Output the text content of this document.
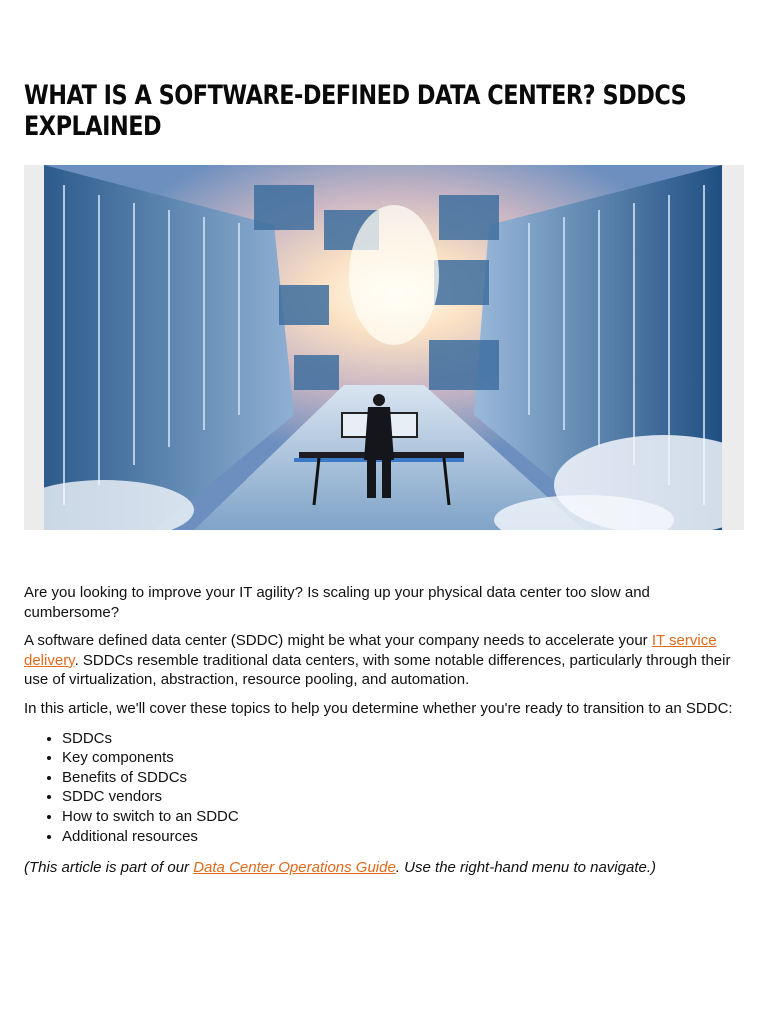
WHAT IS A SOFTWARE-DEFINED DATA CENTER? SDDCS EXPLAINED

Are you looking to improve your IT agility? Is scaling up your physical data center too slow and cumbersome?

A software defined data center (SDDC) might be what your company needs to accelerate your IT service delivery. SDDCs resemble traditional data centers, with some notable differences, particularly through their use of virtualization, abstraction, resource pooling, and automation.

In this article, we'll cover these topics to help you determine whether you're ready to transition to an SDDC:

• SDDCs
• Key components
• Benefits of SDDCs
• SDDC vendors
• How to switch to an SDDC
• Additional resources

(This article is part of our Data Center Operations Guide. Use the right-hand menu to navigate.)
